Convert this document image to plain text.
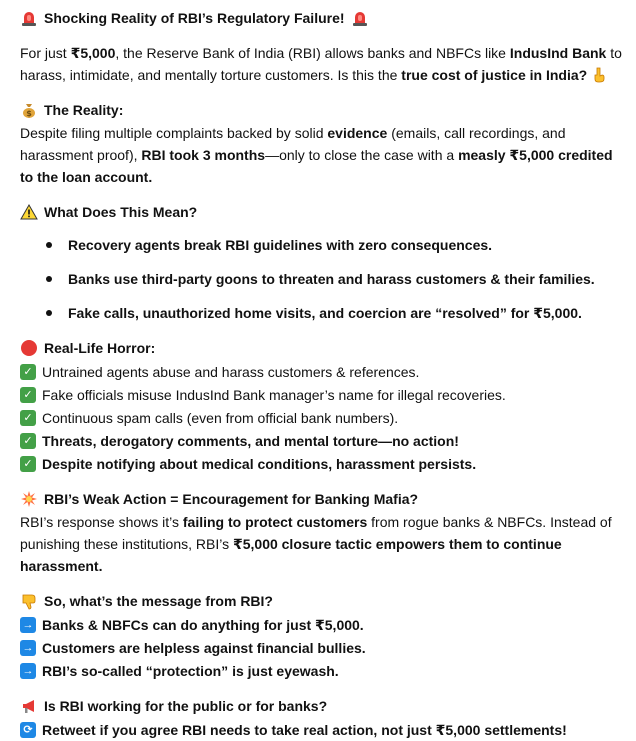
Shocking Reality of RBI’s Regulatory Failure!

For just ₹5,000, the Reserve Bank of India (RBI) allows banks and NBFCs like IndusInd Bank to harass, intimidate, and mentally torture customers. Is this the true cost of justice in India?

$ The Reality:

Despite filing multiple complaints backed by solid evidence (emails, call recordings, and harassment proof), RBI took 3 months—only to close the case with a measly ₹5,000 credited to the loan account.

What Does This Mean?
Recovery agents break RBI guidelines with zero consequences.
Banks use third-party goons to threaten and harass customers & their families.
Fake calls, unauthorized home visits, and coercion are “resolved” for ₹5,000.
Real-Life Horror:
✓ Untrained agents abuse and harass customers & references.
✓ Fake officials misuse IndusInd Bank manager’s name for illegal recoveries.
✓ Continuous spam calls (even from official bank numbers).
✓ Threats, derogatory comments, and mental torture—no action!
✓ Despite notifying about medical conditions, harassment persists.
RBI’s Weak Action = Encouragement for Banking Mafia?

RBI’s response shows it’s failing to protect customers from rogue banks & NBFCs. Instead of punishing these institutions, RBI’s ₹5,000 closure tactic empowers them to continue harassment.

So, what’s the message from RBI?
→ Banks & NBFCs can do anything for just ₹5,000.
→ Customers are helpless against financial bullies.
→ RBI’s so-called “protection” is just eyewash.
Is RBI working for the public or for banks?
⟳ Retweet if you agree RBI needs to take real action, not just ₹5,000 settlements!
